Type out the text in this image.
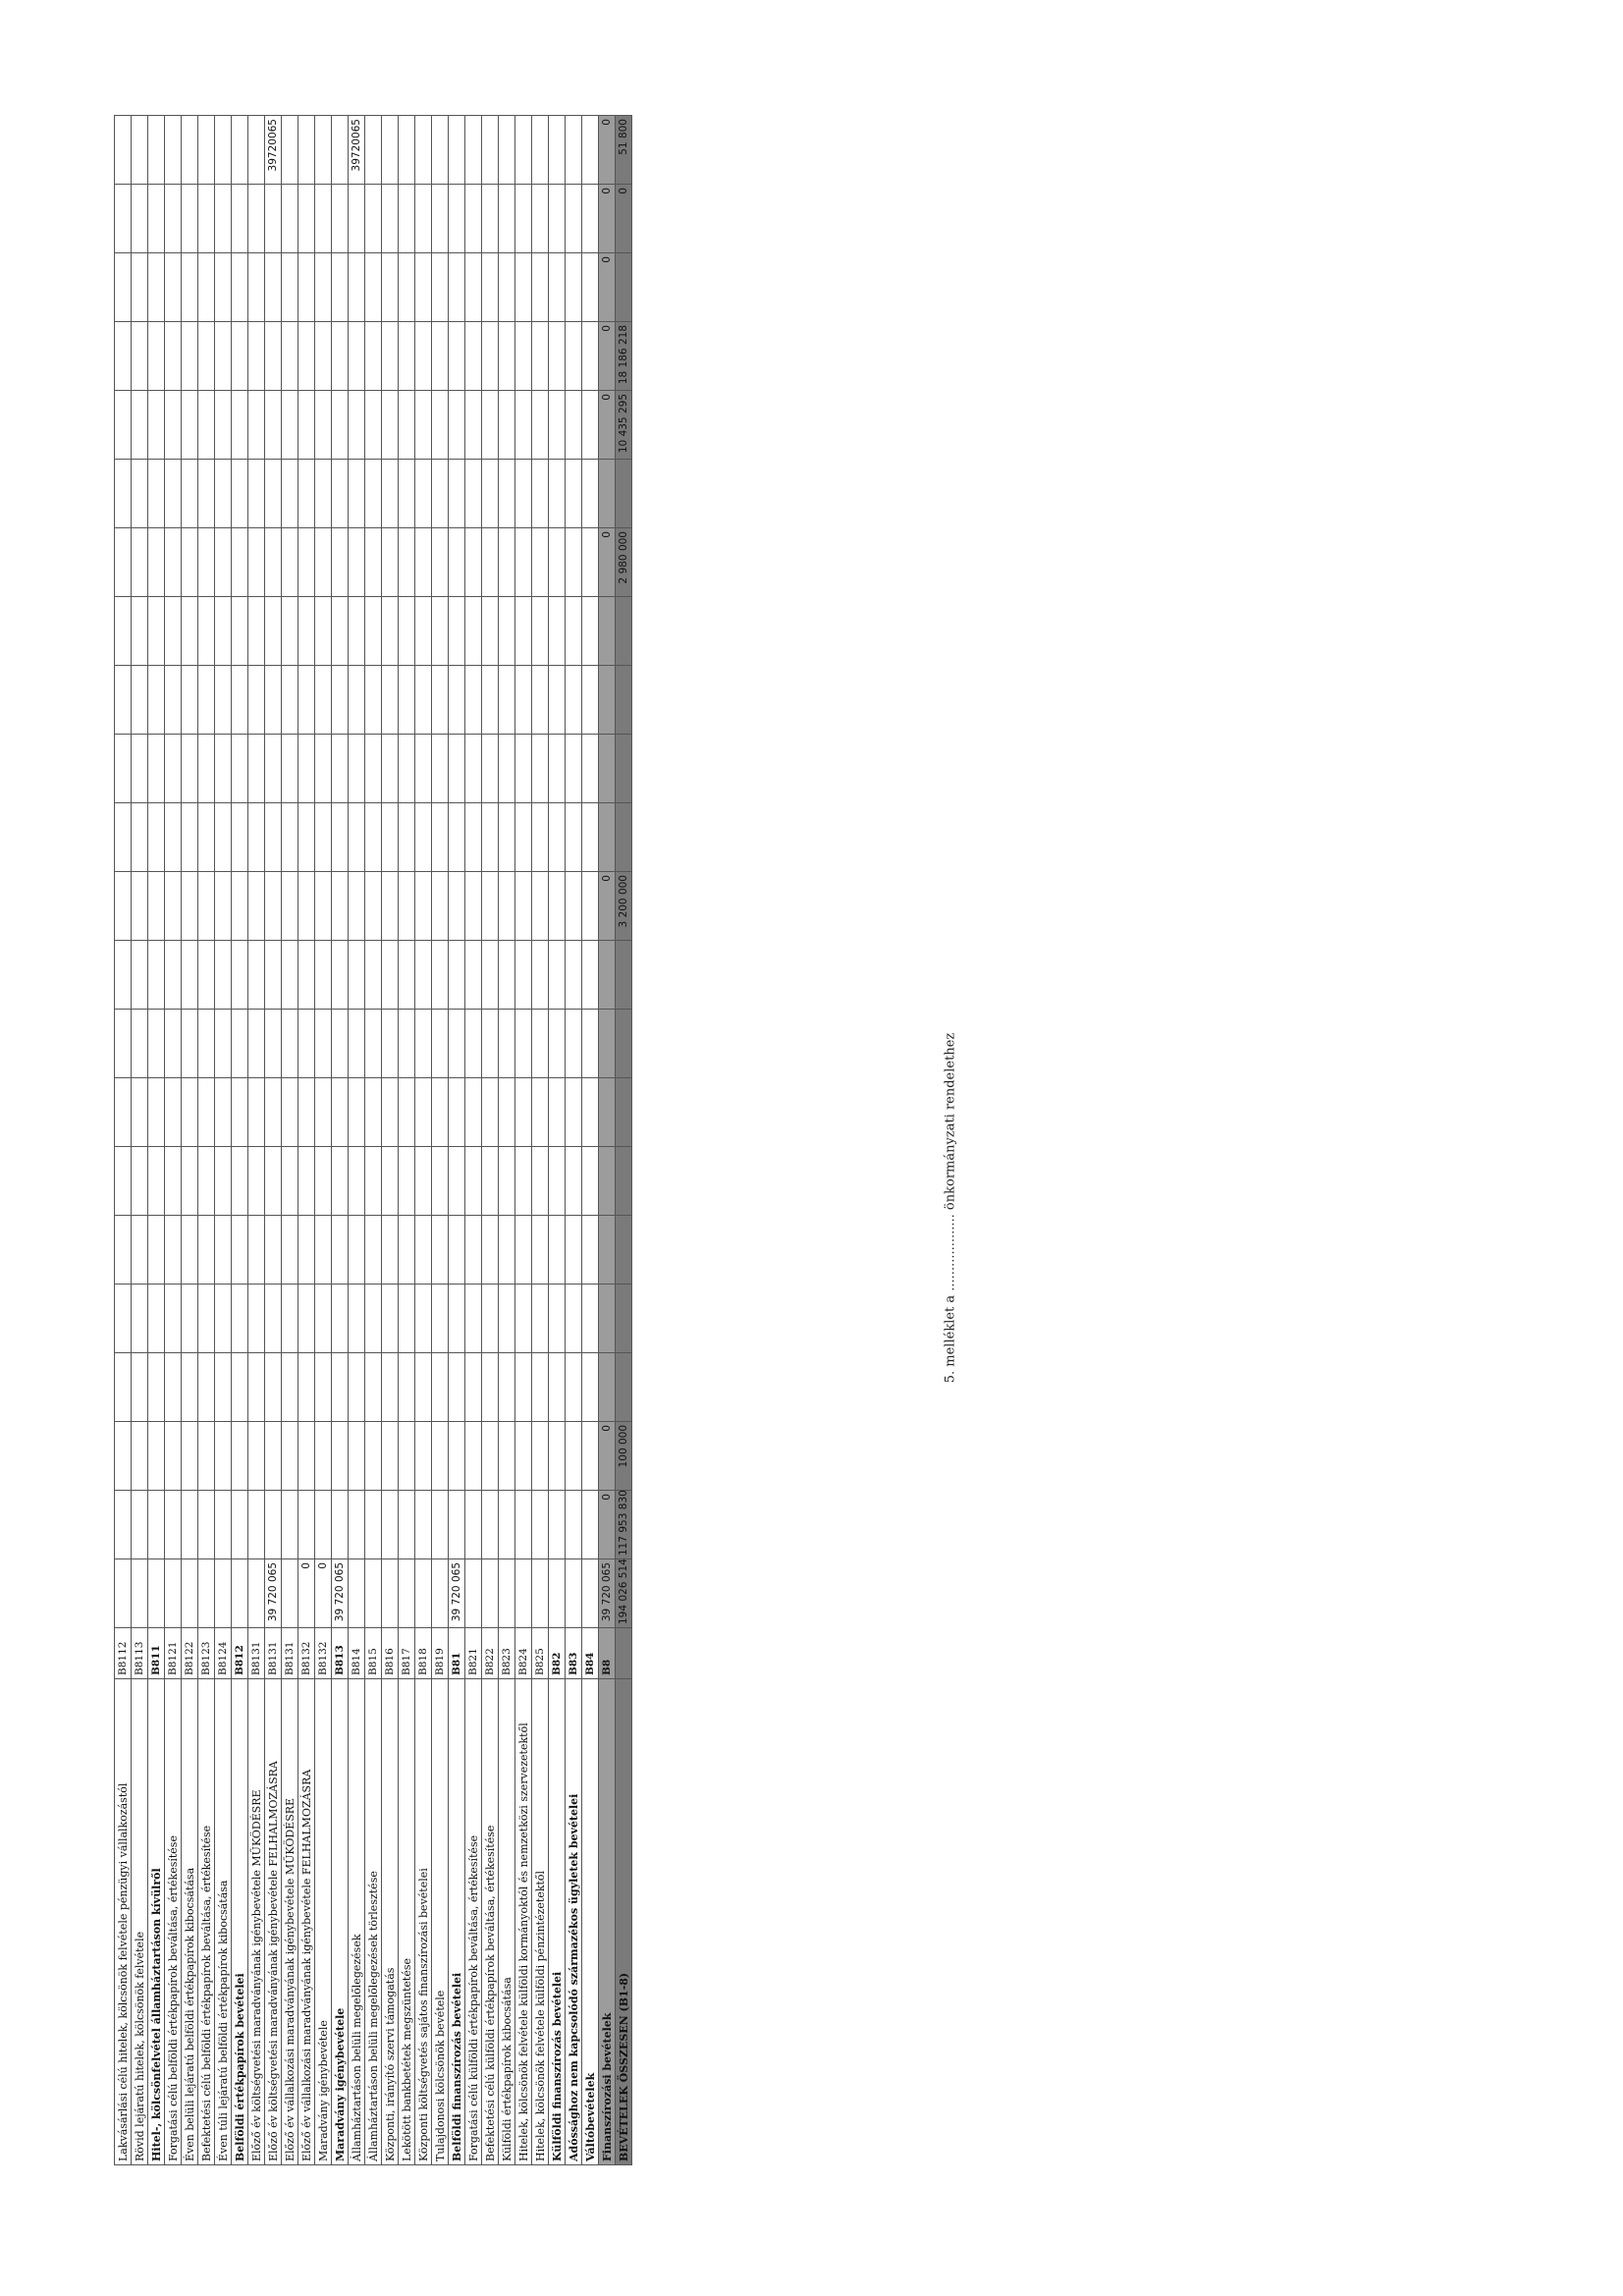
5. melléklet a ................... önkormányzati rendelethez
Lakvásárlási célú hitelek, kölcsönök felvétele pénzügyi vállalkozástól	B8112																						
Rövid lejáratú hitelek, kölcsönök felvétele	B8113																						
Hitel-, kölcsönfelvétel államháztartáson kívülről	B811																						
Forgatási célú belföldi értékpapírok beváltása, értékesítése	B8121																						
Éven belüli lejáratú belföldi értékpapírok kibocsátása	B8122																						
Befektetési célú belföldi értékpapírok beváltása, értékesítése	B8123																						
Éven túli lejáratú belföldi értékpapírok kibocsátása	B8124																						
Belföldi értékpapírok bevételei	B812																						
Előző év költségvetési maradványának igénybevétele MŰKÖDÉSRE	B8131																						
Előző év költségvetési maradványának igénybevétele FELHALMOZÁSRA	B8131	39 720 065																					39720065
Előző év vállalkozási maradványának igénybevétele MŰKÖDÉSRE	B8131																						
Előző év vállalkozási maradványának igénybevétele FELHALMOZÁSRA	B8132	0																					
Maradvány igénybevétele	B8132	0																					
Maradvány igénybevétele	B813	39 720 065																					
Államháztartáson belüli megelőlegezések	B814																						39720065
Államháztartáson belüli megelőlegezések törlesztése	B815																						
Központi, irányító szervi támogatás	B816																						
Lekötött bankbetétek megszüntetése	B817																						
Központi költségvetés sajátos finanszírozási bevételei	B818																						
Tulajdonosi kölcsönök bevétele	B819																						
Belföldi finanszírozás bevételei	B81	39 720 065																					
Forgatási célú külföldi értékpapírok beváltása, értékesítése	B821																						
Befektetési célú külföldi értékpapírok beváltása, értékesítése	B822																						
Külföldi értékpapírok kibocsátása	B823																						
Hitelek, kölcsönök felvétele külföldi kormányoktól és nemzetközi szervezetektől	B824																						
Hitelek, kölcsönök felvétele külföldi pénzintézetektől	B825																						
Külföldi finanszírozás bevételei	B82																						
Adóssághoz nem kapcsolódó származékos ügyletek bevételei	B83																						
Váltóbevételek	B84																						
Finanszírozási bevételek	B8	39 720 065	0	0								0					0		0	0	0	0	0
BEVÉTELEK ÖSSZESEN (B1-8)		194 026 514	117 953 830	100 000								3 200 000					2 980 000		10 435 295	18 186 218		0	51 800
